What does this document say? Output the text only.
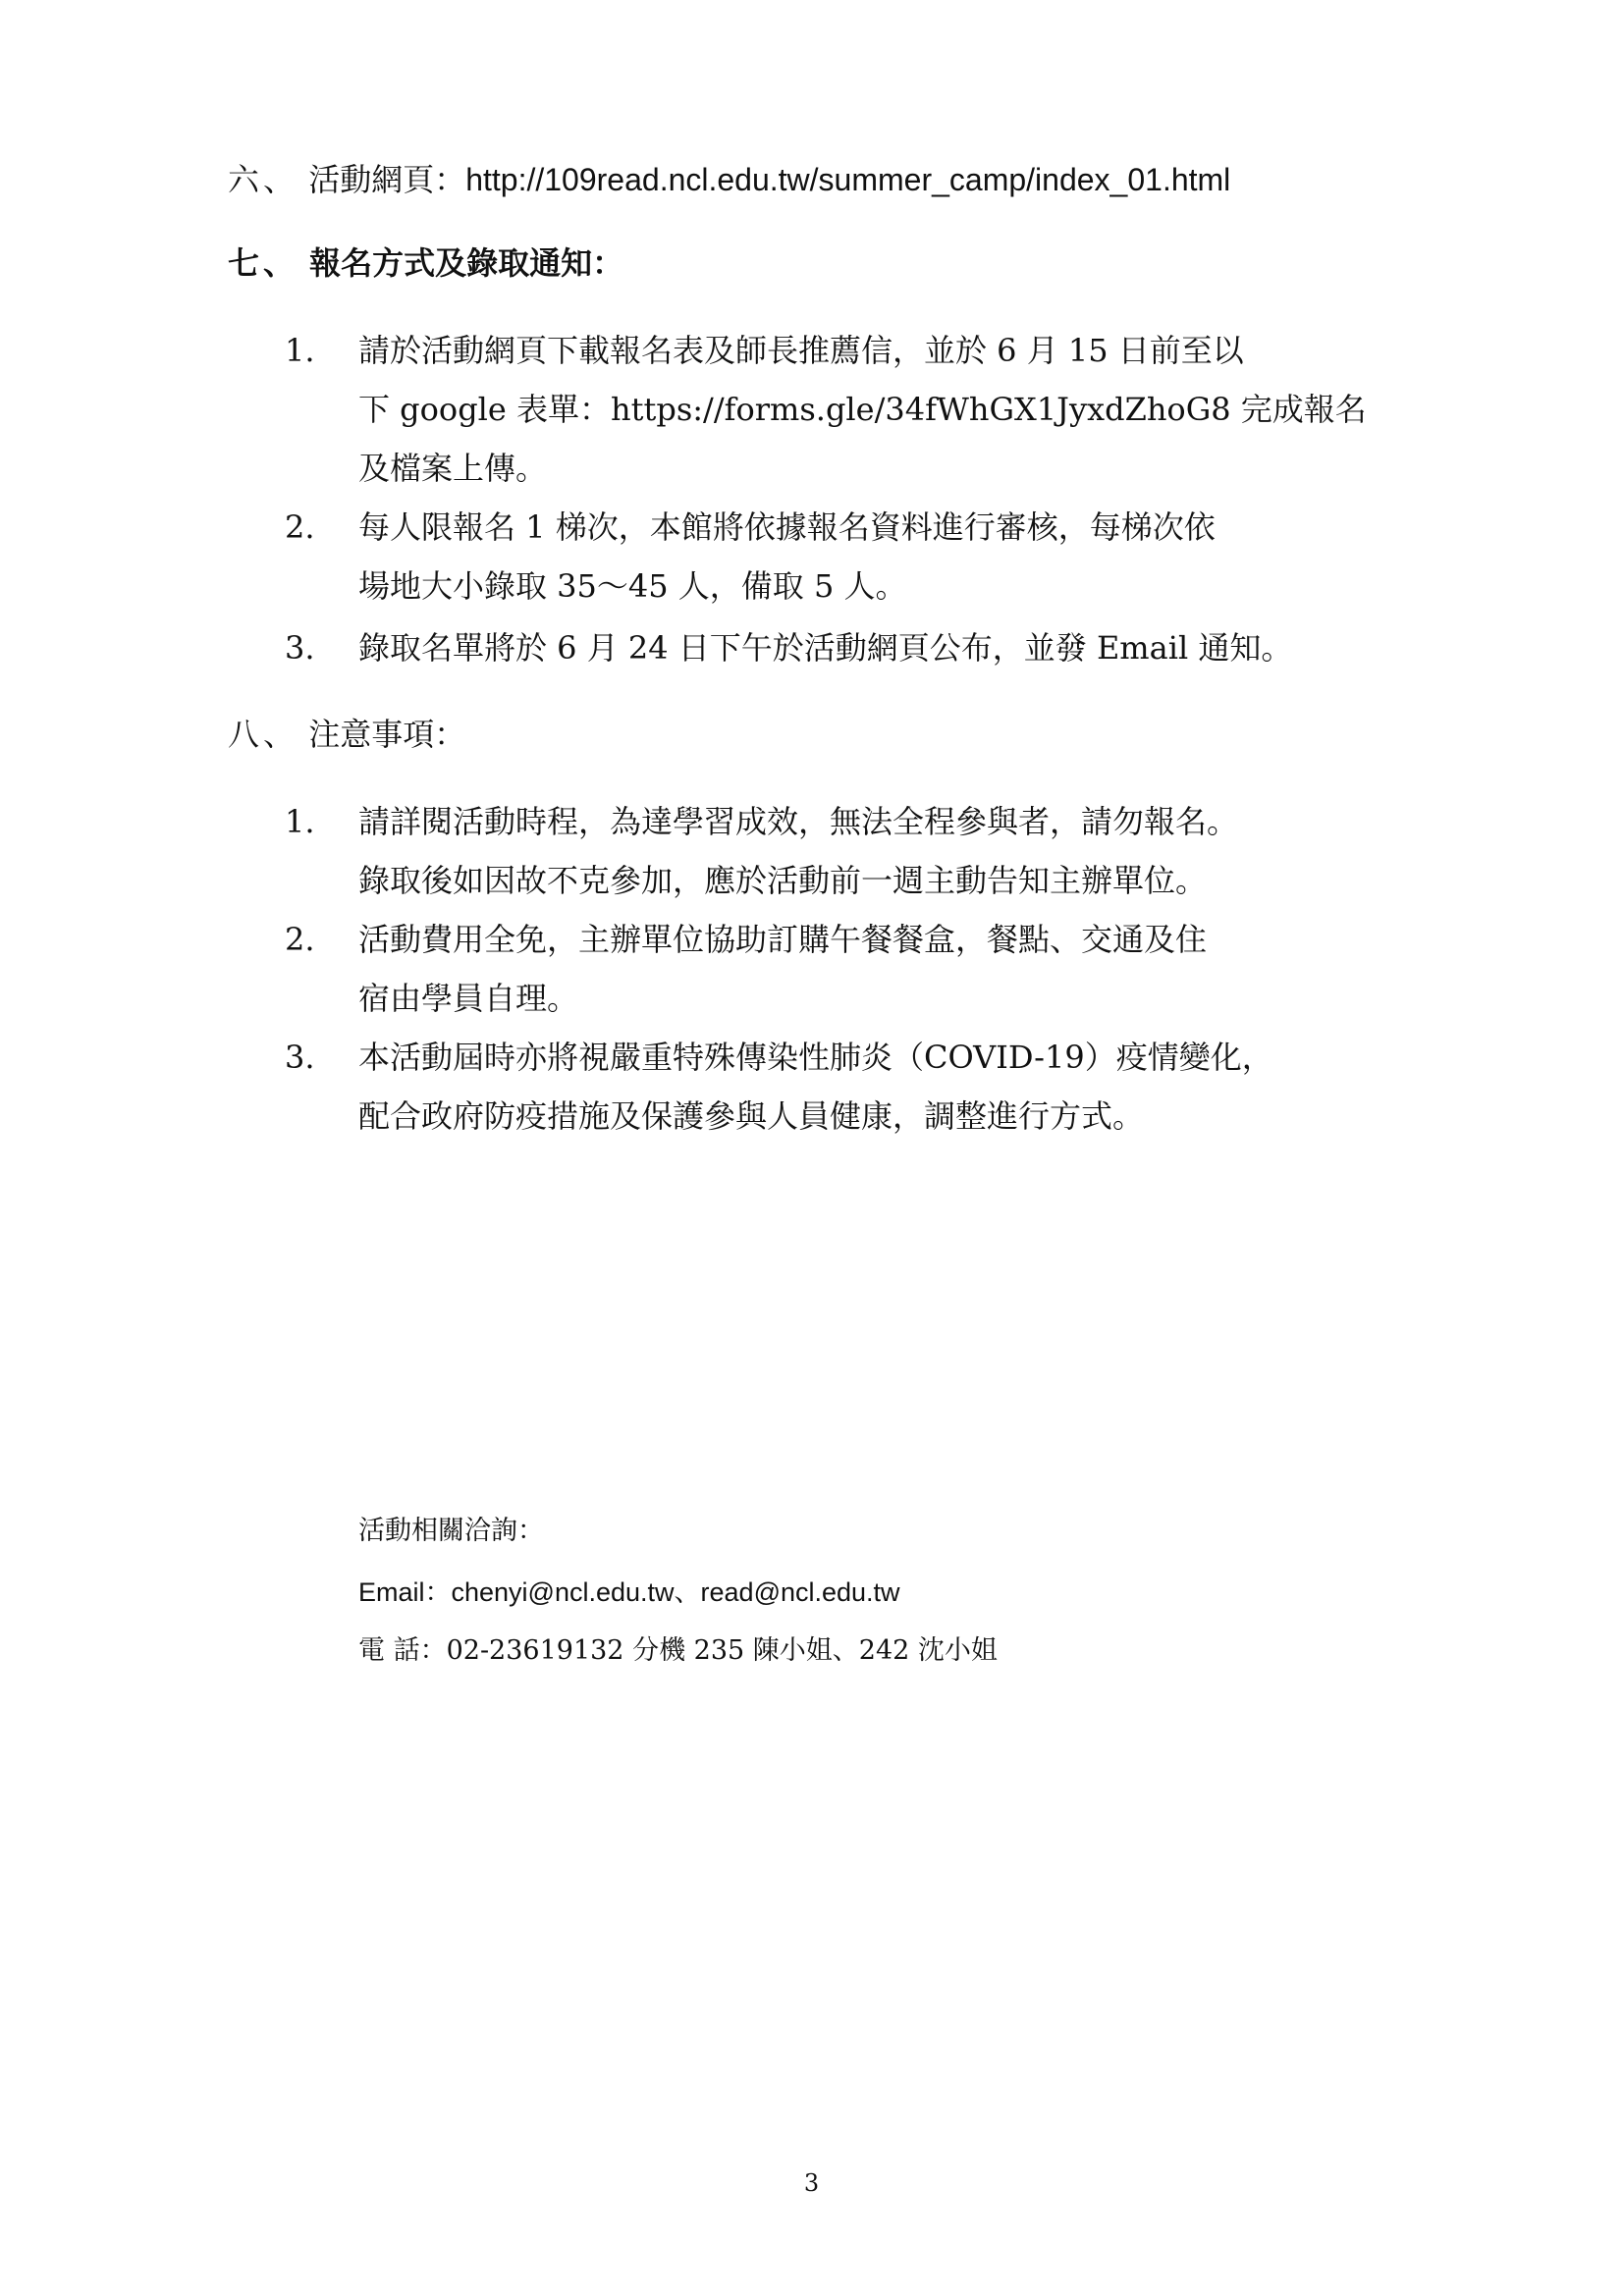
六、 活動網頁：http://109read.ncl.edu.tw/summer_camp/index_01.html
七、 報名方式及錄取通知：
1.	請於活動網頁下載報名表及師長推薦信，並於 6 月 15 日前至以
下 google 表單：https://forms.gle/34fWhGX1JyxdZhoG8 完成報名
及檔案上傳。
2.	每人限報名 1 梯次，本館將依據報名資料進行審核，每梯次依
場地大小錄取 35～45 人，備取 5 人。
3.	錄取名單將於 6 月 24 日下午於活動網頁公布，並發 Email 通知。
八、 注意事項：
1.	請詳閱活動時程，為達學習成效，無法全程參與者，請勿報名。
錄取後如因故不克參加，應於活動前一週主動告知主辦單位。
2.	活動費用全免，主辦單位協助訂購午餐餐盒，餐點、交通及住
宿由學員自理。
3.	本活動屆時亦將視嚴重特殊傳染性肺炎（COVID-19）疫情變化，
配合政府防疫措施及保護參與人員健康，調整進行方式。
活動相關洽詢：
Email：chenyi@ncl.edu.tw、read@ncl.edu.tw
電 話：02-23619132 分機 235 陳小姐、242 沈小姐
3
